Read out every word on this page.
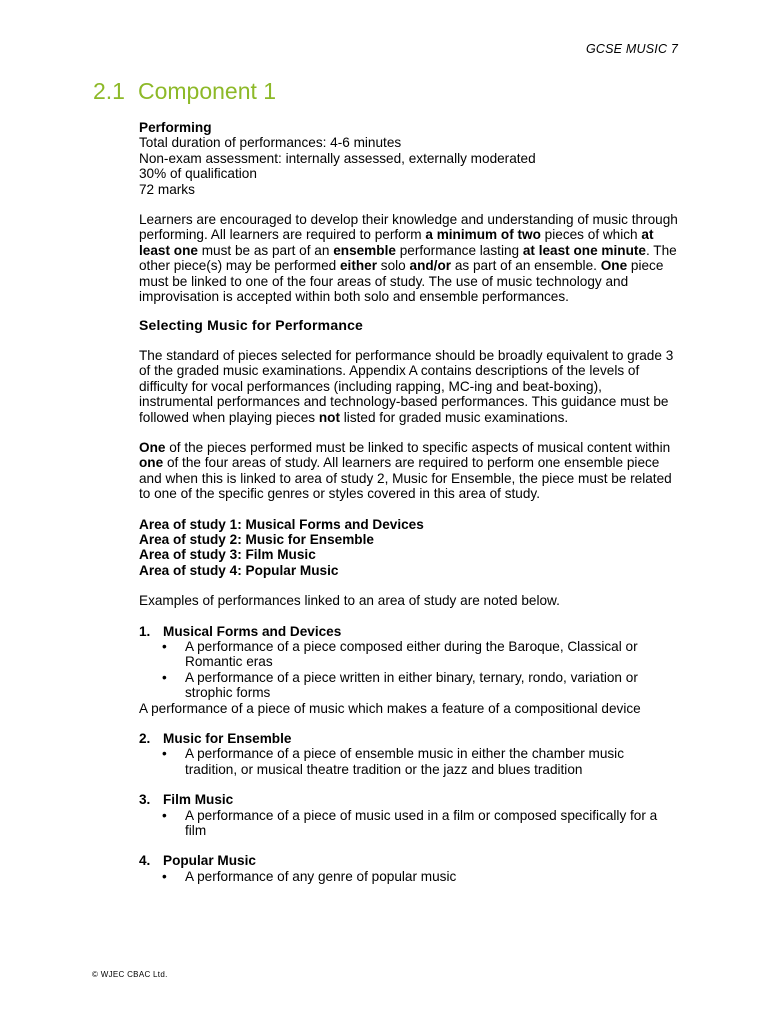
GCSE MUSIC 7
2.1 Component 1

Performing

Total duration of performances: 4-6 minutes

Non-exam assessment: internally assessed, externally moderated

30% of qualification

72 marks

Learners are encouraged to develop their knowledge and understanding of music through performing. All learners are required to perform a minimum of two pieces of which at least one must be as part of an ensemble performance lasting at least one minute. The other piece(s) may be performed either solo and/or as part of an ensemble. One piece must be linked to one of the four areas of study. The use of music technology and improvisation is accepted within both solo and ensemble performances.

Selecting Music for Performance

The standard of pieces selected for performance should be broadly equivalent to grade 3 of the graded music examinations. Appendix A contains descriptions of the levels of difficulty for vocal performances (including rapping, MC-ing and beat-boxing), instrumental performances and technology-based performances. This guidance must be followed when playing pieces not listed for graded music examinations.

One of the pieces performed must be linked to specific aspects of musical content within one of the four areas of study. All learners are required to perform one ensemble piece and when this is linked to area of study 2, Music for Ensemble, the piece must be related to one of the specific genres or styles covered in this area of study.

Area of study 1: Musical Forms and Devices

Area of study 2: Music for Ensemble

Area of study 3: Film Music

Area of study 4: Popular Music

Examples of performances linked to an area of study are noted below.

1. Musical Forms and Devices

• A performance of a piece composed either during the Baroque, Classical or Romantic eras
• A performance of a piece written in either binary, ternary, rondo, variation or strophic forms

A performance of a piece of music which makes a feature of a compositional device

2. Music for Ensemble

• A performance of a piece of ensemble music in either the chamber music tradition, or musical theatre tradition or the jazz and blues tradition

3. Film Music

• A performance of a piece of music used in a film or composed specifically for a film

4. Popular Music

• A performance of any genre of popular music
© WJEC CBAC Ltd.
